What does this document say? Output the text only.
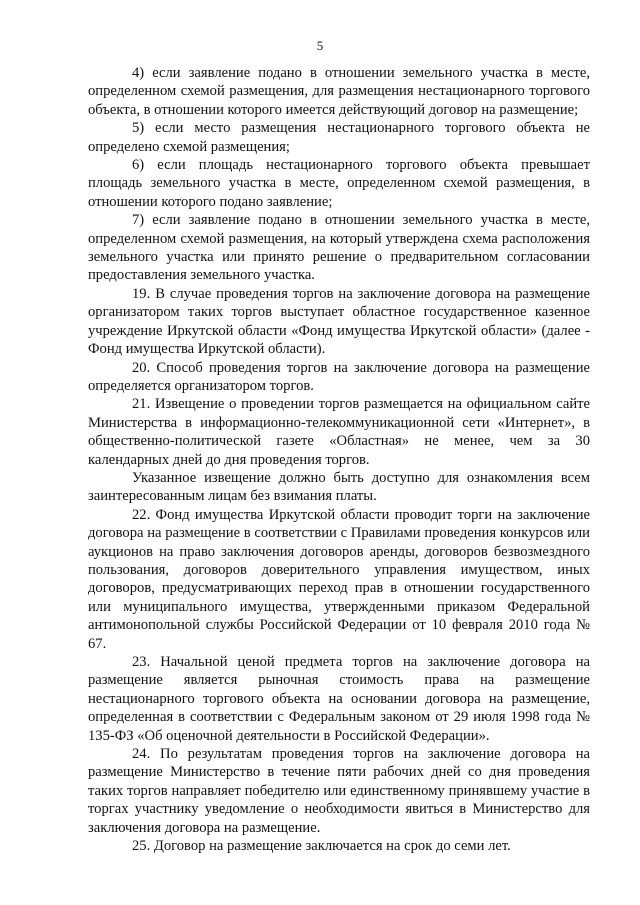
5

4) если заявление подано в отношении земельного участка в месте, определенном схемой размещения, для размещения нестационарного торгового объекта, в отношении которого имеется действующий договор на размещение;

5) если место размещения нестационарного торгового объекта не определено схемой размещения;

6) если площадь нестационарного торгового объекта превышает площадь земельного участка в месте, определенном схемой размещения, в отношении которого подано заявление;

7) если заявление подано в отношении земельного участка в месте, определенном схемой размещения, на который утверждена схема расположения земельного участка или принято решение о предварительном согласовании предоставления земельного участка.

19. В случае проведения торгов на заключение договора на размещение организатором таких торгов выступает областное государственное казенное учреждение Иркутской области «Фонд имущества Иркутской области» (далее - Фонд имущества Иркутской области).

20. Способ проведения торгов на заключение договора на размещение определяется организатором торгов.

21. Извещение о проведении торгов размещается на официальном сайте Министерства в информационно-телекоммуникационной сети «Интернет», в общественно-политической газете «Областная» не менее, чем за 30 календарных дней до дня проведения торгов.

Указанное извещение должно быть доступно для ознакомления всем заинтересованным лицам без взимания платы.

22. Фонд имущества Иркутской области проводит торги на заключение договора на размещение в соответствии с Правилами проведения конкурсов или аукционов на право заключения договоров аренды, договоров безвозмездного пользования, договоров доверительного управления имуществом, иных договоров, предусматривающих переход прав в отношении государственного или муниципального имущества, утвержденными приказом Федеральной антимонопольной службы Российской Федерации от 10 февраля 2010 года № 67.

23. Начальной ценой предмета торгов на заключение договора на размещение является рыночная стоимость права на размещение нестационарного торгового объекта на основании договора на размещение, определенная в соответствии с Федеральным законом от 29 июля 1998 года № 135-ФЗ «Об оценочной деятельности в Российской Федерации».

24. По результатам проведения торгов на заключение договора на размещение Министерство в течение пяти рабочих дней со дня проведения таких торгов направляет победителю или единственному принявшему участие в торгах участнику уведомление о необходимости явиться в Министерство для заключения договора на размещение.

25. Договор на размещение заключается на срок до семи лет.
